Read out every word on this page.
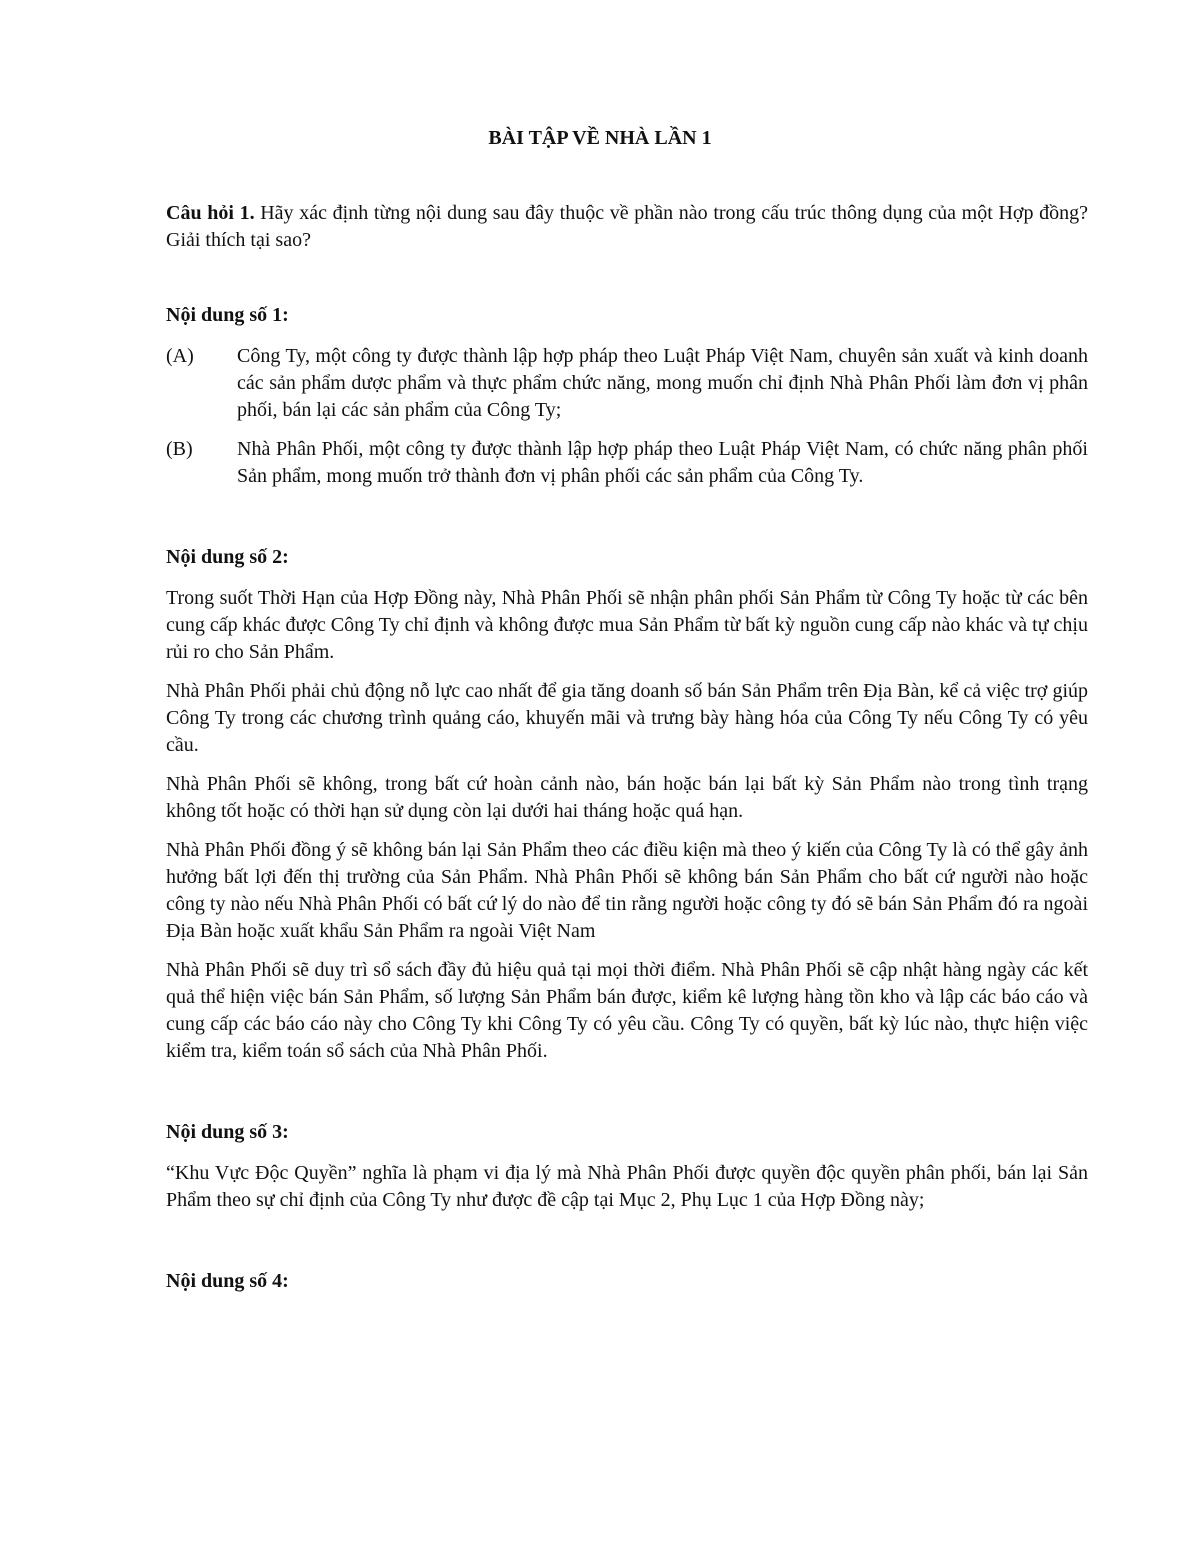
BÀI TẬP VỀ NHÀ LẦN 1

Câu hỏi 1. Hãy xác định từng nội dung sau đây thuộc về phần nào trong cấu trúc thông dụng của một Hợp đồng? Giải thích tại sao?

Nội dung số 1:

(A)	Công Ty, một công ty được thành lập hợp pháp theo Luật Pháp Việt Nam, chuyên sản xuất và kinh doanh các sản phẩm dược phẩm và thực phẩm chức năng, mong muốn chỉ định Nhà Phân Phối làm đơn vị phân phối, bán lại các sản phẩm của Công Ty;
(B)	Nhà Phân Phối, một công ty được thành lập hợp pháp theo Luật Pháp Việt Nam, có chức năng phân phối Sản phẩm, mong muốn trở thành đơn vị phân phối các sản phẩm của Công Ty.

Nội dung số 2:

Trong suốt Thời Hạn của Hợp Đồng này, Nhà Phân Phối sẽ nhận phân phối Sản Phẩm từ Công Ty hoặc từ các bên cung cấp khác được Công Ty chỉ định và không được mua Sản Phẩm từ bất kỳ nguồn cung cấp nào khác và tự chịu rủi ro cho Sản Phẩm.

Nhà Phân Phối phải chủ động nỗ lực cao nhất để gia tăng doanh số bán Sản Phẩm trên Địa Bàn, kể cả việc trợ giúp Công Ty trong các chương trình quảng cáo, khuyến mãi và trưng bày hàng hóa của Công Ty nếu Công Ty có yêu cầu.

Nhà Phân Phối sẽ không, trong bất cứ hoàn cảnh nào, bán hoặc bán lại bất kỳ Sản Phẩm nào trong tình trạng không tốt hoặc có thời hạn sử dụng còn lại dưới hai tháng hoặc quá hạn.

Nhà Phân Phối đồng ý sẽ không bán lại Sản Phẩm theo các điều kiện mà theo ý kiến của Công Ty là có thể gây ảnh hưởng bất lợi đến thị trường của Sản Phẩm. Nhà Phân Phối sẽ không bán Sản Phẩm cho bất cứ người nào hoặc công ty nào nếu Nhà Phân Phối có bất cứ lý do nào để tin rằng người hoặc công ty đó sẽ bán Sản Phẩm đó ra ngoài Địa Bàn hoặc xuất khẩu Sản Phẩm ra ngoài Việt Nam

Nhà Phân Phối sẽ duy trì sổ sách đầy đủ hiệu quả tại mọi thời điểm. Nhà Phân Phối sẽ cập nhật hàng ngày các kết quả thể hiện việc bán Sản Phẩm, số lượng Sản Phẩm bán được, kiểm kê lượng hàng tồn kho và lập các báo cáo và cung cấp các báo cáo này cho Công Ty khi Công Ty có yêu cầu. Công Ty có quyền, bất kỳ lúc nào, thực hiện việc kiểm tra, kiểm toán sổ sách của Nhà Phân Phối.

Nội dung số 3:

“Khu Vực Độc Quyền” nghĩa là phạm vi địa lý mà Nhà Phân Phối được quyền độc quyền phân phối, bán lại Sản Phẩm theo sự chỉ định của Công Ty như được đề cập tại Mục 2, Phụ Lục 1 của Hợp Đồng này;

Nội dung số 4:
